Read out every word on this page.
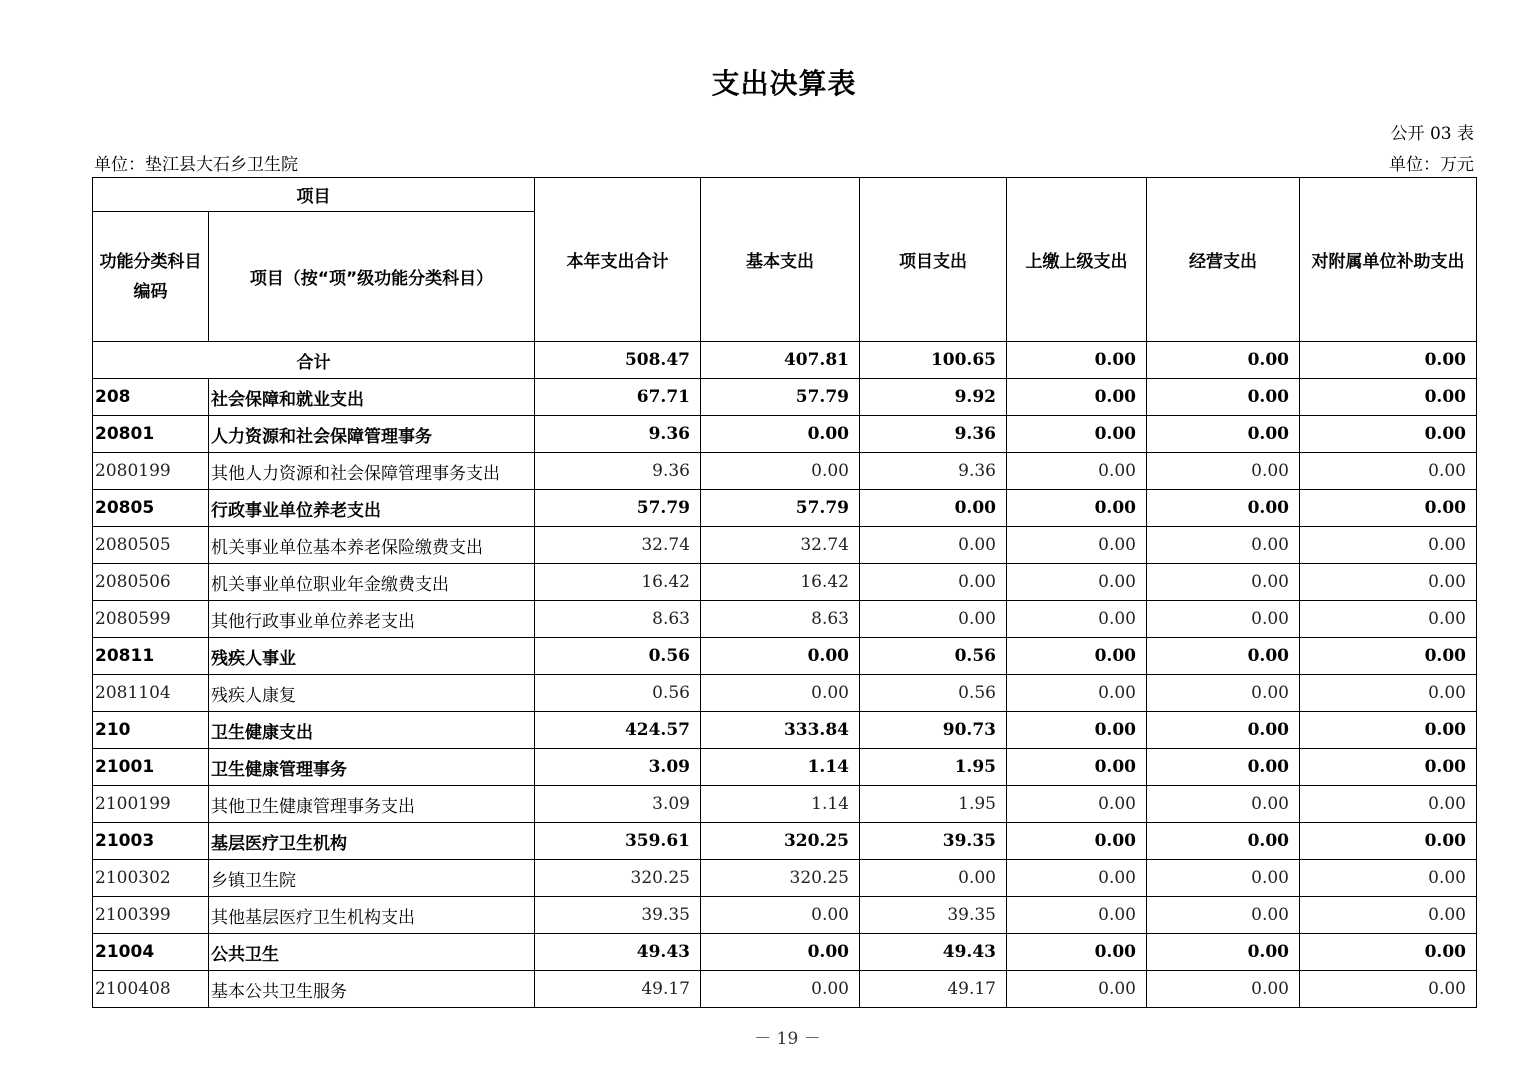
支出决算表
公开 03 表
单位：垫江县大石乡卫生院	单位：万元
项目		本年支出合计	基本支出	项目支出	上缴上级支出	经营支出	对附属单位补助支出
功能分类科目编码	项目（按“项”级功能分类科目）						
合计		508.47	407.81	100.65	0.00	0.00	0.00
208	社会保障和就业支出	67.71	57.79	9.92	0.00	0.00	0.00
20801	人力资源和社会保障管理事务	9.36	0.00	9.36	0.00	0.00	0.00
2080199	其他人力资源和社会保障管理事务支出	9.36	0.00	9.36	0.00	0.00	0.00
20805	行政事业单位养老支出	57.79	57.79	0.00	0.00	0.00	0.00
2080505	机关事业单位基本养老保险缴费支出	32.74	32.74	0.00	0.00	0.00	0.00
2080506	机关事业单位职业年金缴费支出	16.42	16.42	0.00	0.00	0.00	0.00
2080599	其他行政事业单位养老支出	8.63	8.63	0.00	0.00	0.00	0.00
20811	残疾人事业	0.56	0.00	0.56	0.00	0.00	0.00
2081104	残疾人康复	0.56	0.00	0.56	0.00	0.00	0.00
210	卫生健康支出	424.57	333.84	90.73	0.00	0.00	0.00
21001	卫生健康管理事务	3.09	1.14	1.95	0.00	0.00	0.00
2100199	其他卫生健康管理事务支出	3.09	1.14	1.95	0.00	0.00	0.00
21003	基层医疗卫生机构	359.61	320.25	39.35	0.00	0.00	0.00
2100302	乡镇卫生院	320.25	320.25	0.00	0.00	0.00	0.00
2100399	其他基层医疗卫生机构支出	39.35	0.00	39.35	0.00	0.00	0.00
21004	公共卫生	49.43	0.00	49.43	0.00	0.00	0.00
2100408	基本公共卫生服务	49.17	0.00	49.17	0.00	0.00	0.00
－ 19 －
